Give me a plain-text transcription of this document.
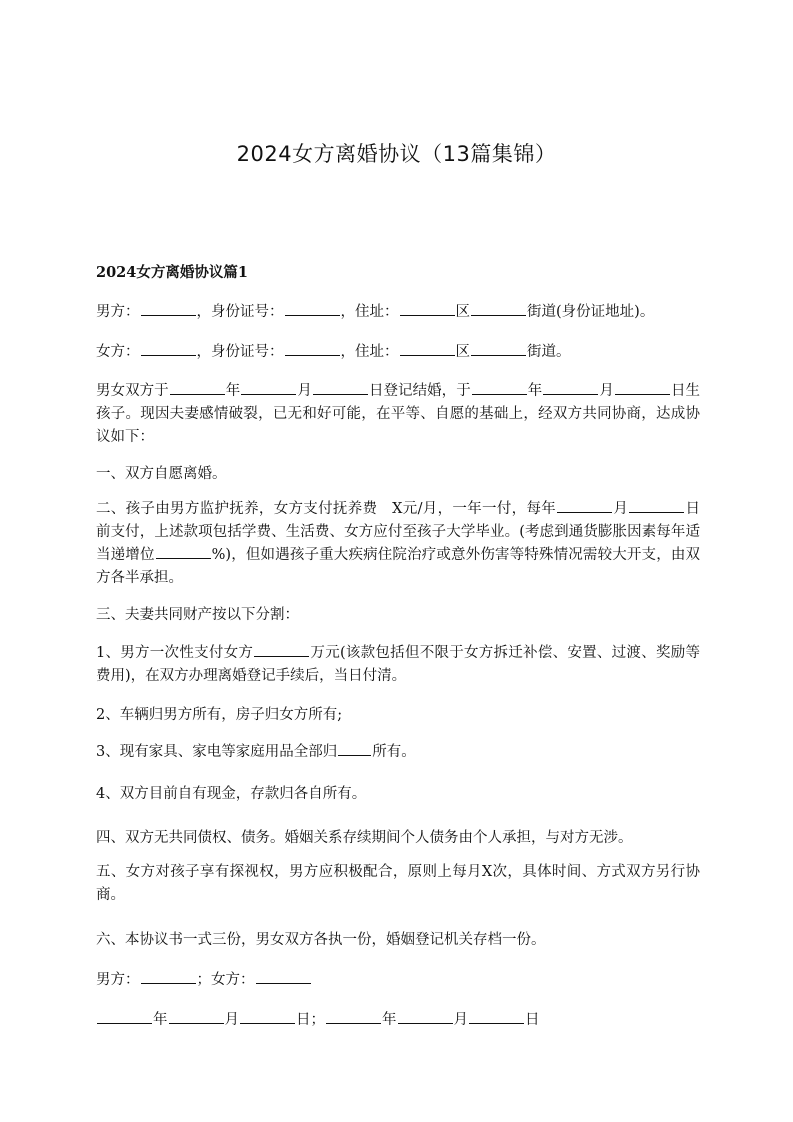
2024女方离婚协议（13篇集锦）
2024女方离婚协议篇1
男方：	，身份证号：	，住址：	区	街道(身份证地址)。
女方：	，身份证号：	，住址：	区	街道。
男女双方于	年	月	日登记结婚，于	年	月	日生孩子。现因夫妻感情破裂，已无和好可能，在平等、自愿的基础上，经双方共同协商，达成协议如下：
一、双方自愿离婚。
二、孩子由男方监护抚养，女方支付抚养费　X元/月，一年一付，每年	月	日前支付，上述款项包括学费、生活费、女方应付至孩子大学毕业。(考虑到通货膨胀因素每年适当递增位	%)，但如遇孩子重大疾病住院治疗或意外伤害等特殊情况需较大开支，由双方各半承担。
三、夫妻共同财产按以下分割：
1、男方一次性支付女方	万元(该款包括但不限于女方拆迁补偿、安置、过渡、奖励等费用)，在双方办理离婚登记手续后，当日付清。
2、车辆归男方所有，房子归女方所有;
3、现有家具、家电等家庭用品全部归 所有。
4、双方目前自有现金，存款归各自所有。
四、双方无共同债权、债务。婚姻关系存续期间个人债务由个人承担，与对方无涉。
五、女方对孩子享有探视权，男方应积极配合，原则上每月X次，具体时间、方式双方另行协商。
六、本协议书一式三份，男女双方各执一份，婚姻登记机关存档一份。
男方：	；女方：
年	月	日；	年	月	日
